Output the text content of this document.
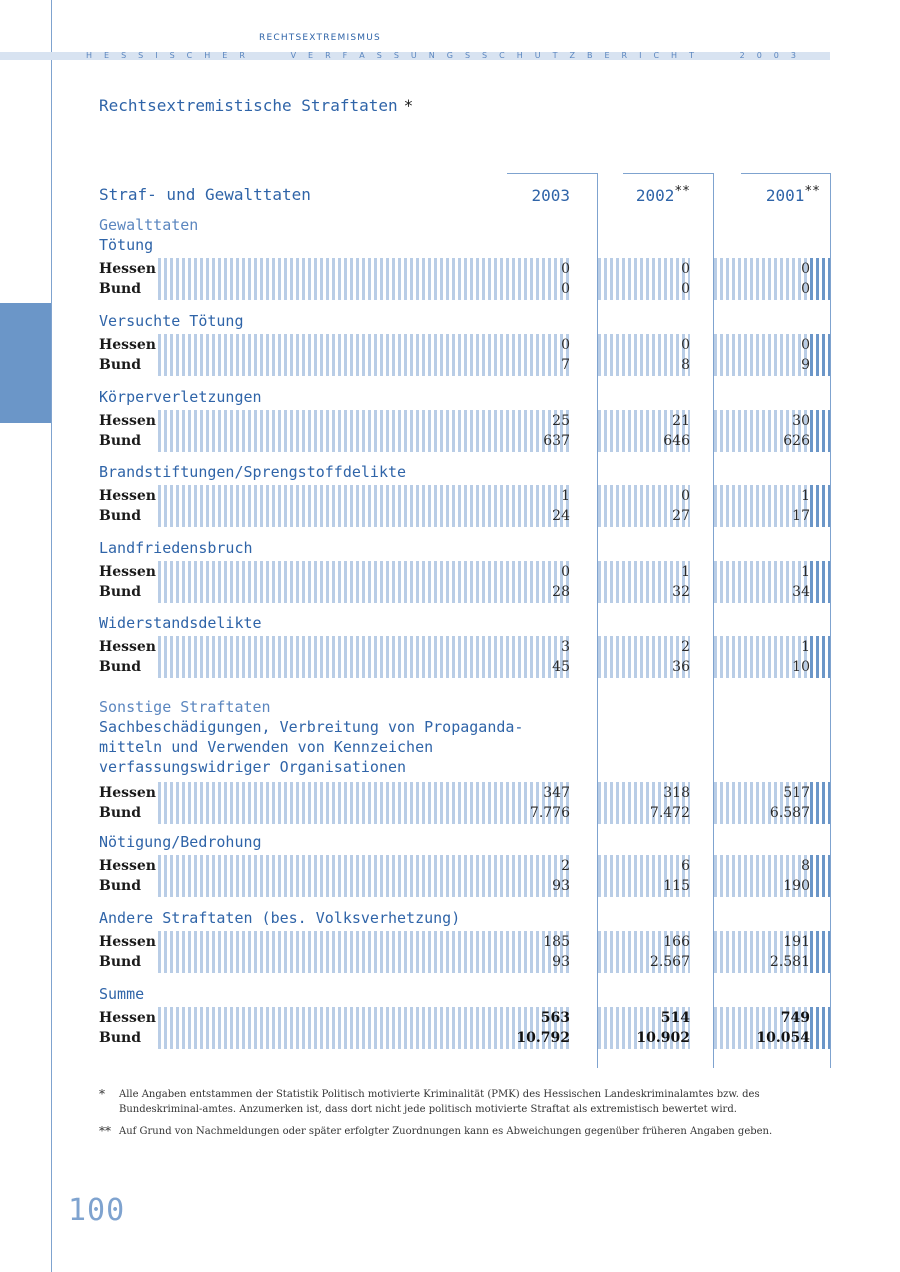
RECHTSEXTREMISMUS
H E S S I S C H E R	V E R F A S S U N G S S C H U T Z B E R I C H T	2 0 0 3
Rechtsextremistische Straftaten *
Straf- und Gewalttaten	2003	2002**	2001**
Gewalttaten
Sonstige Straftaten
Tötung
Hessen	0	0	0
Bund	0	0	0
Versuchte Tötung
Hessen	0	0	0
Bund	7	8	9
Körperverletzungen
Hessen	25	21	30
Bund	637	646	626
Brandstiftungen/Sprengstoffdelikte
Hessen	1	0	1
Bund	24	27	17
Landfriedensbruch
Hessen	0	1	1
Bund	28	32	34
Widerstandsdelikte
Hessen	3	2	1
Bund	45	36	10
Sachbeschädigungen, Verbreitung von Propaganda-
mitteln und Verwenden von Kennzeichen
verfassungswidriger Organisationen
Hessen	347	318	517
Bund	7.776	7.472	6.587
Nötigung/Bedrohung
Hessen	2	6	8
Bund	93	115	190
Andere Straftaten (bes. Volksverhetzung)
Hessen	185	166	191
Bund	93	2.567	2.581
Summe
Hessen	563	514	749
Bund	10.792	10.902	10.054
* Alle Angaben entstammen der Statistik Politisch motivierte Kriminalität (PMK) des Hessischen Landeskriminalamtes bzw. des Bundeskriminal-amtes. Anzumerken ist, dass dort nicht jede politisch motivierte Straftat als extremistisch bewertet wird.
** Auf Grund von Nachmeldungen oder später erfolgter Zuordnungen kann es Abweichungen gegenüber früheren Angaben geben.
100
